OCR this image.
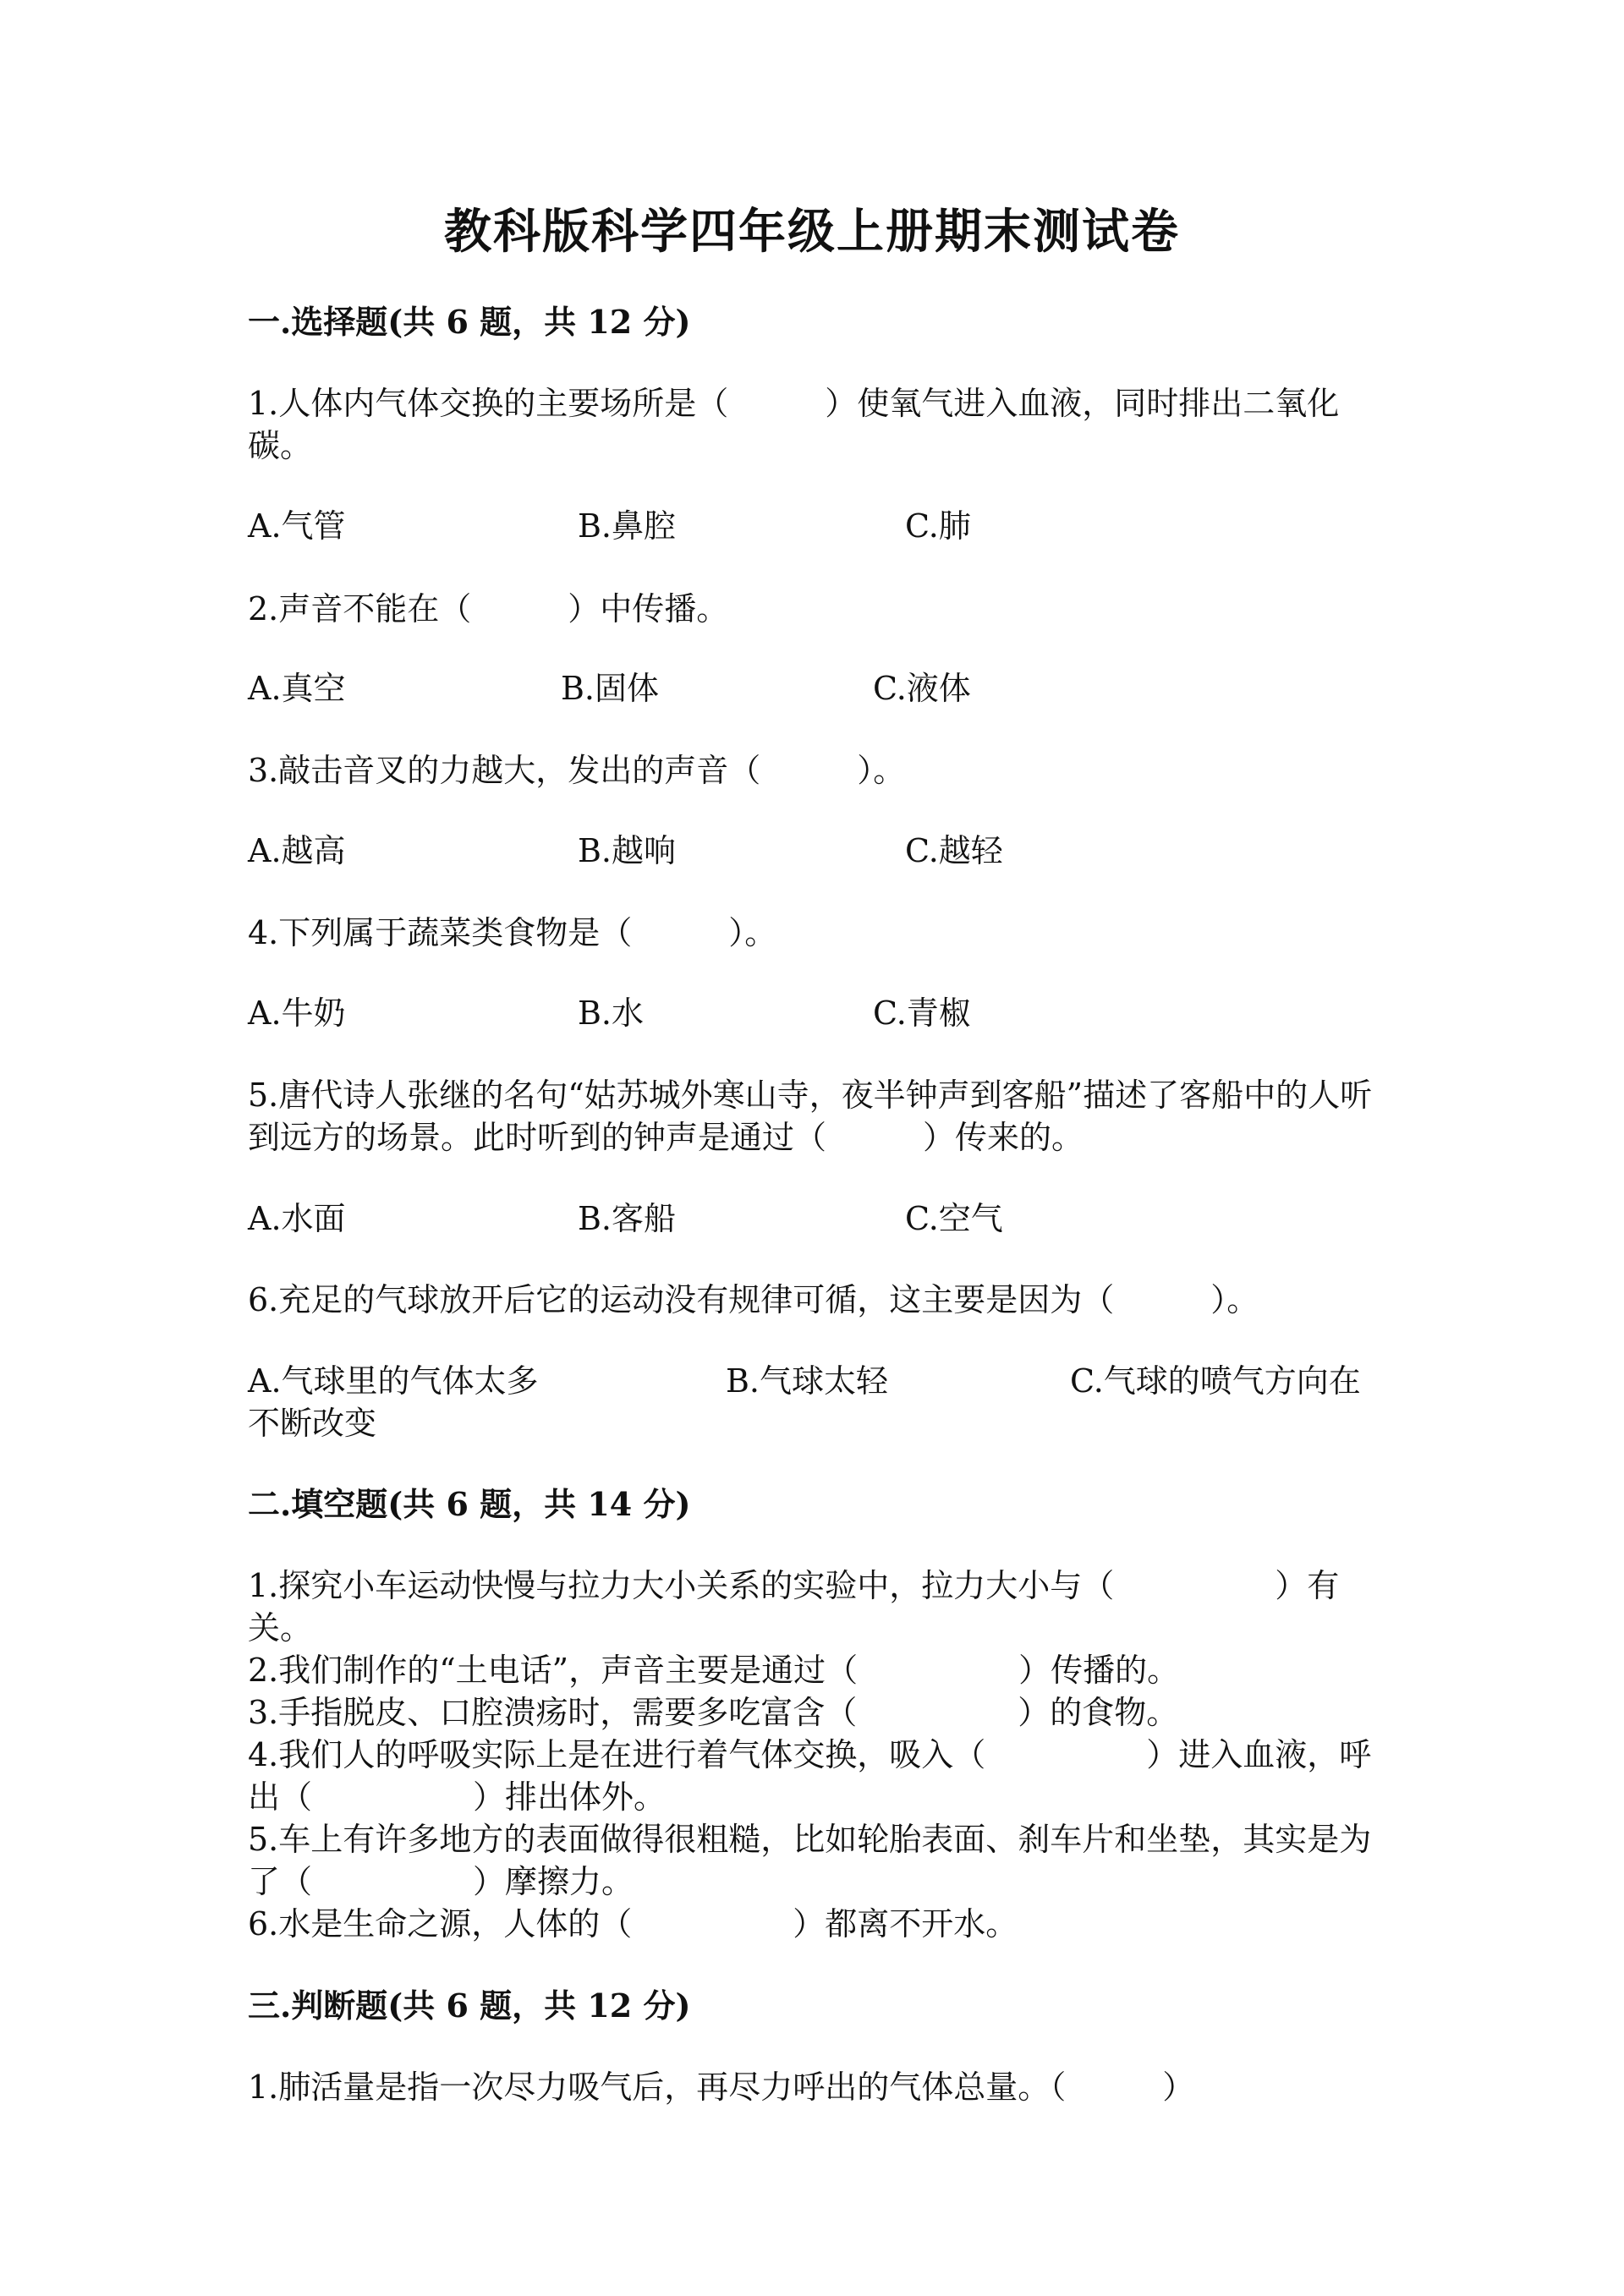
教科版科学四年级上册期末测试卷
一.选择题(共 6 题，共 12 分)
1.人体内气体交换的主要场所是（　　　）使氧气进入血液，同时排出二氧化碳。
A.气管	B.鼻腔	C.肺
2.声音不能在（　　　）中传播。
A.真空	B.固体	C.液体
3.敲击音叉的力越大，发出的声音（　　　）。
A.越高	B.越响	C.越轻
4.下列属于蔬菜类食物是（　　　）。
A.牛奶	B.水	C.青椒
5.唐代诗人张继的名句“姑苏城外寒山寺，夜半钟声到客船”描述了客船中的人听到远方的场景。此时听到的钟声是通过（　　　）传来的。
A.水面	B.客船	C.空气
6.充足的气球放开后它的运动没有规律可循，这主要是因为（　　　）。
A.气球里的气体太多	B.气球太轻	C.气球的喷气方向在
不断改变
二.填空题(共 6 题，共 14 分)
1.探究小车运动快慢与拉力大小关系的实验中，拉力大小与（　　　　　）有关。
2.我们制作的“土电话”，声音主要是通过（　　　　　）传播的。
3.手指脱皮、口腔溃疡时，需要多吃富含（　　　　　）的食物。
4.我们人的呼吸实际上是在进行着气体交换，吸入（　　　　　）进入血液，呼出（　　　　　）排出体外。
5.车上有许多地方的表面做得很粗糙，比如轮胎表面、刹车片和坐垫，其实是为了（　　　　　）摩擦力。
6.水是生命之源，人体的（　　　　　）都离不开水。
三.判断题(共 6 题，共 12 分)
1.肺活量是指一次尽力吸气后，再尽力呼出的气体总量。（　　　）
